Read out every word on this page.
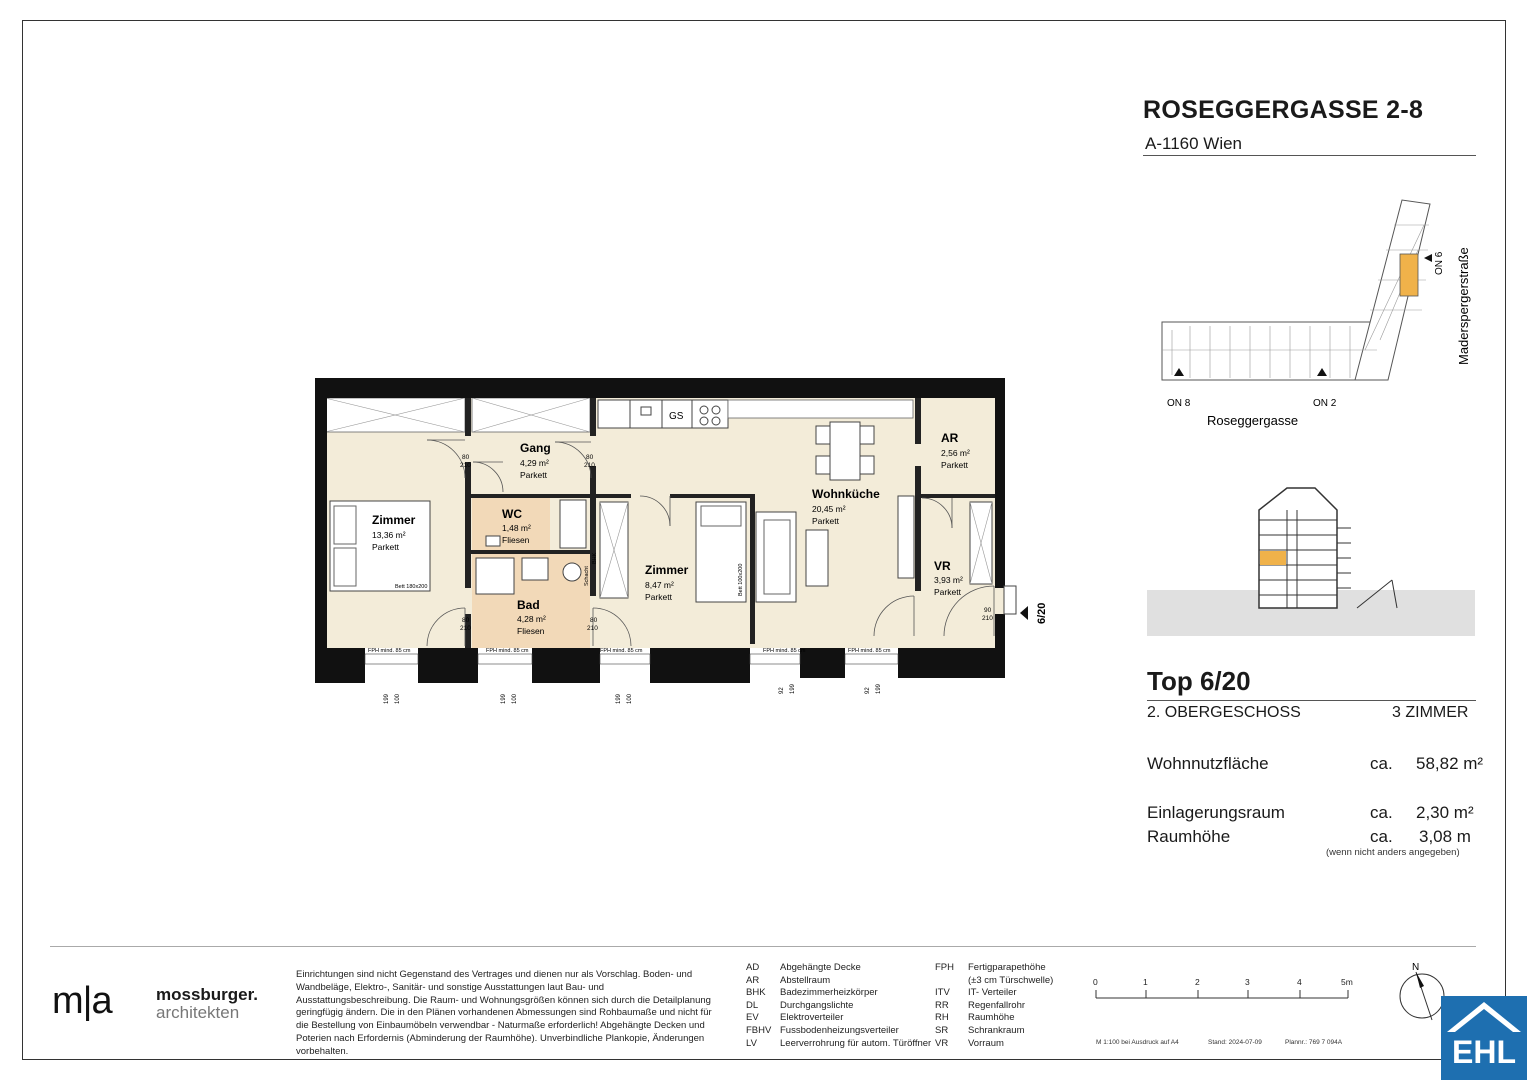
ROSEGGERGASSE 2-8
A-1160 Wien
ON 8	ON 2
ON 6
Roseggergasse
Maderspergerstraße
Top 6/20
2. OBERGESCHOSS	3 ZIMMER
Wohnnutzfläche	ca. 58,82 m²
Einlagerungsraum	ca. 2,30 m²
Raumhöhe	ca. 3,08 m
(wenn nicht anders angegeben)
GS
Bett 180x200	Bett 100x200
BHK
Schacht
6/20
80
210
80
210
80
210
80
210
90
210
FPH mind. 85 cm	FPH mind. 85 cm	FPH mind. 85 cm	FPH mind. 85 cm	FPH mind. 85 cm
199 100	199 100	199 100
92 199	92 199
Zimmer
13,36 m²
Parkett
Gang
4,29 m²
Parkett
WC
1,48 m²
Fliesen
Bad
4,28 m²
Fliesen
Zimmer
8,47 m²
Parkett
Wohnküche
20,45 m²
Parkett
AR
2,56 m²
Parkett
VR
3,93 m²
Parkett
m|a	mossburger.
architekten
Einrichtungen sind nicht Gegenstand des Vertrages und dienen nur als Vorschlag. Boden- und Wandbeläge, Elektro-, Sanitär- und sonstige Ausstattungen laut Bau- und Ausstattungsbeschreibung. Die Raum- und Wohnungsgrößen können sich durch die Detailplanung geringfügig ändern. Die in den Plänen vorhandenen Abmessungen sind Rohbaumaße und nicht für die Bestellung von Einbaumöbeln verwendbar - Naturmaße erforderlich! Abgehängte Decken und Poterien nach Erfordernis (Abminderung der Raumhöhe). Unverbindliche Plankopie, Änderungen vorbehalten.
AD Abgehängte Decke
AR Abstellraum
BHK Badezimmerheizkörper
DL Durchgangslichte
EV Elektroverteiler
FBHV Fussbodenheizungsverteiler
LV Leerverrohrung für autom. Türöffner
FPH Fertigparapethöhe
(±3 cm Türschwelle)
ITV IT- Verteiler
RR Regenfallrohr
RH Raumhöhe
SR Schrankraum
VR Vorraum
0	1	2	3	4	5m
M 1:100 bei Ausdruck auf A4	Stand: 2024-07-09	Plannr.: 769 7 094A
N
EHL
